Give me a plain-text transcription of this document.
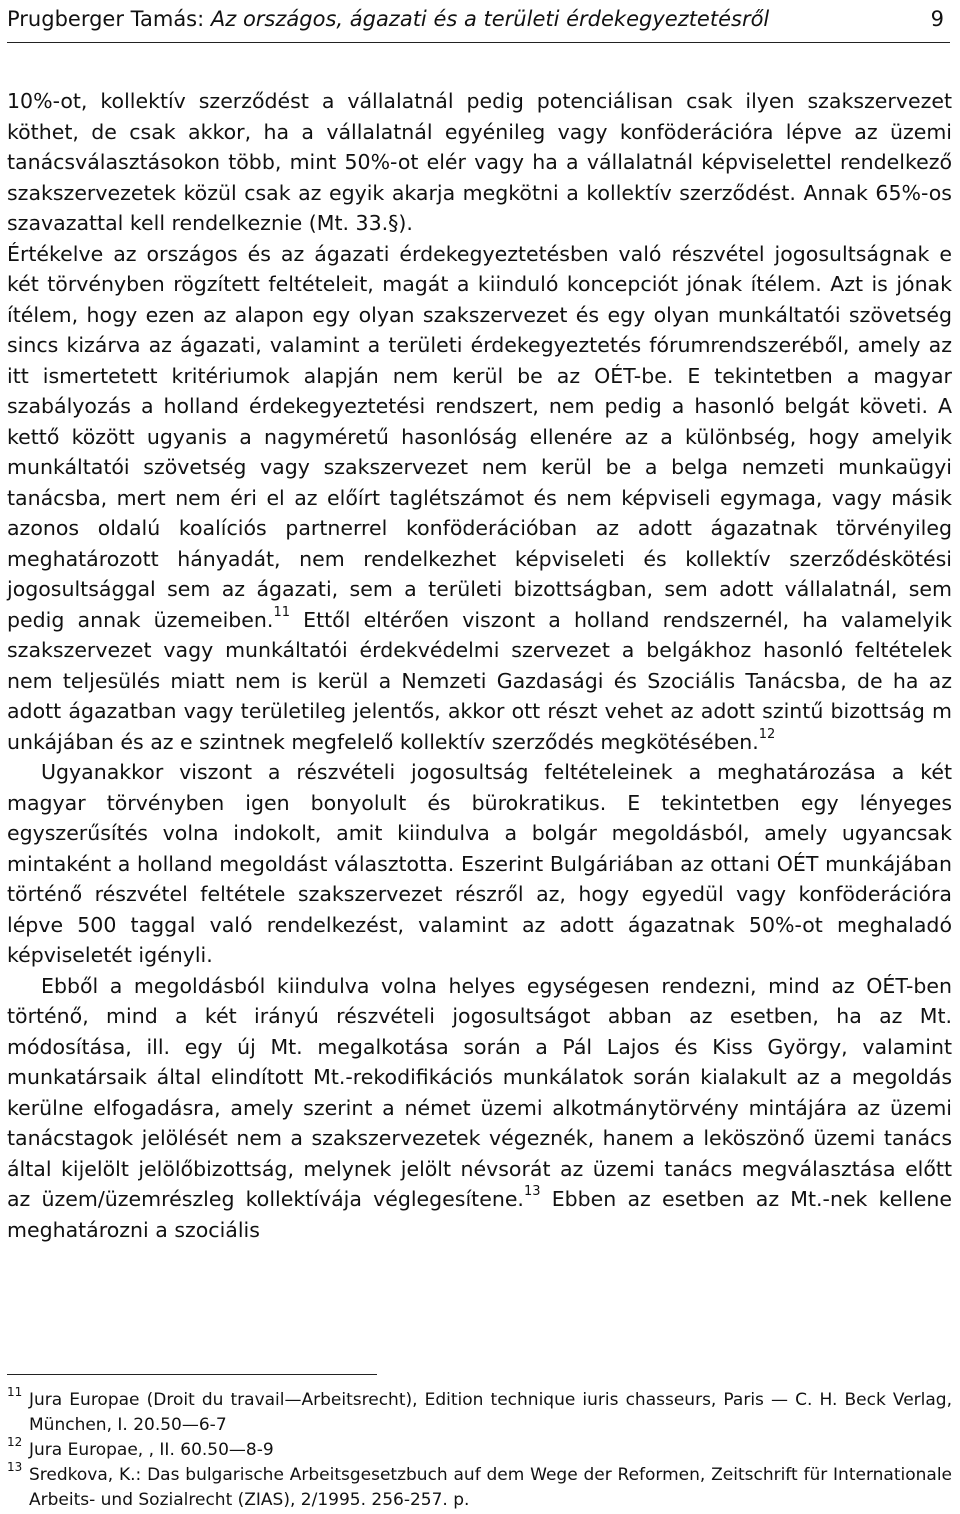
Prugberger Tamás: Az országos, ágazati és a területi érdekegyeztetésről	9

10%-ot, kollektív szerződést a vállalatnál pedig potenciálisan csak ilyen szakszervezet köthet, de csak akkor, ha a vállalatnál egyénileg vagy konföderációra lépve az üzemi tanácsválasztásokon több, mint 50%-ot elér vagy ha a vállalatnál képviselettel rendelkező szakszervezetek közül csak az egyik akarja megkötni a kollektív szerződést. Annak 65%-os szavazattal kell rendelkeznie (Mt. 33.§).

Értékelve az országos és az ágazati érdekegyeztetésben való részvétel jogosultságnak e két törvényben rögzített feltételeit, magát a kiinduló koncepciót jónak ítélem. Azt is jónak ítélem, hogy ezen az alapon egy olyan szakszervezet és egy olyan munkáltatói szövetség sincs kizárva az ágazati, valamint a területi érdekegyeztetés fórumrendszeréből, amely az itt ismertetett kritériumok alapján nem kerül be az OÉT-be. E tekintetben a magyar szabályozás a holland érdekegyeztetési rendszert, nem pedig a hasonló belgát követi. A kettő között ugyanis a nagyméretű hasonlóság ellenére az a különbség, hogy amelyik munkáltatói szövetség vagy szakszervezet nem kerül be a belga nemzeti munkaügyi tanácsba, mert nem éri el az előírt taglétszámot és nem képviseli egymaga, vagy másik azonos oldalú koalíciós partnerrel konföderációban az adott ágazatnak törvényileg meghatározott hányadát, nem rendelkezhet képviseleti és kollektív szerződéskötési jogosultsággal sem az ágazati, sem a területi bizottságban, sem adott vállalatnál, sem pedig annak üzemeiben.$^{11}$ Ettől eltérően viszont a holland rendszernél, ha valamelyik szakszervezet vagy munkáltatói érdekvédelmi szervezet a belgákhoz hasonló feltételek nem teljesülés miatt nem is kerül a Nemzeti Gazdasági és Szociális Tanácsba, de ha az adott ágazatban vagy területileg jelentős, akkor ott részt vehet az adott szintű bizottság m unkájában és az e szintnek megfelelő kollektív szerződés megkötésében.$^{12}$

Ugyanakkor viszont a részvételi jogosultság feltételeinek a meghatározása a két magyar törvényben igen bonyolult és bürokratikus. E tekintetben egy lényeges egyszerűsítés volna indokolt, amit kiindulva a bolgár megoldásból, amely ugyancsak mintaként a holland megoldást választotta. Eszerint Bulgáriában az ottani OÉT munkájában történő részvétel feltétele szakszervezet részről az, hogy egyedül vagy konföderációra lépve 500 taggal való rendelkezést, valamint az adott ágazatnak 50%-ot meghaladó képviseletét igényli.

Ebből a megoldásból kiindulva volna helyes egységesen rendezni, mind az OÉT-ben történő, mind a két irányú részvételi jogosultságot abban az esetben, ha az Mt. módosítása, ill. egy új Mt. megalkotása során a Pál Lajos és Kiss György, valamint munkatársaik által elindított Mt.-rekodifikációs munkálatok során kialakult az a megoldás kerülne elfogadásra, amely szerint a német üzemi alkotmánytörvény mintájára az üzemi tanácstagok jelölését nem a szakszervezetek végeznék, hanem a leköszönő üzemi tanács által kijelölt jelölőbizottság, melynek jelölt névsorát az üzemi tanács megválasztása előtt az üzem/üzemrészleg kollektívája véglegesítene.$^{13}$ Ebben az esetben az Mt.-nek kellene meghatározni a szociális

$^{11}$ Jura Europae (Droit du travail—Arbeitsrecht), Edition technique iuris chasseurs, Paris — C. H. Beck Verlag, München, I. 20.50—6-7
$^{12}$ Jura Europae, , II. 60.50—8-9
$^{13}$ Sredkova, K.: Das bulgarische Arbeitsgesetzbuch auf dem Wege der Reformen, Zeitschrift für Internationale Arbeits- und Sozialrecht (ZIAS), 2/1995. 256-257. p.
